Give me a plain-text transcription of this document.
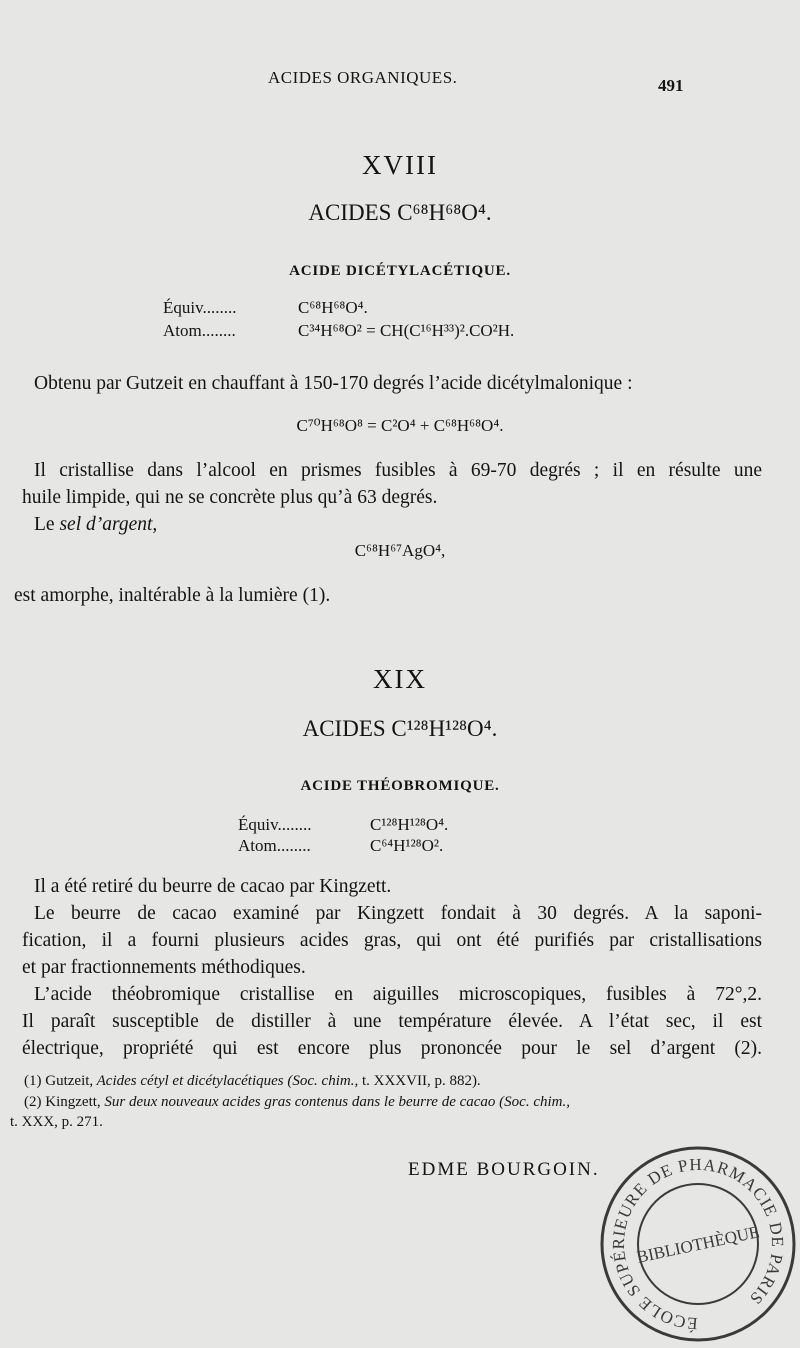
ACIDES ORGANIQUES.	491
XVIII
ACIDES C⁶⁸H⁶⁸O⁴.
ACIDE DICÉTYLACÉTIQUE.
Équiv........	C⁶⁸H⁶⁸O⁴.
Atom........	C³⁴H⁶⁸O² = CH(C¹⁶H³³)².CO²H.
Obtenu par Gutzeit en chauffant à 150-170 degrés l’acide dicétylmalonique :
C⁷⁰H⁶⁸O⁸ = C²O⁴ + C⁶⁸H⁶⁸O⁴.
Il cristallise dans l’alcool en prismes fusibles à 69-70 degrés ; il en résulte une
huile limpide, qui ne se concrète plus qu’à 63 degrés.
Le sel d’argent,
C⁶⁸H⁶⁷AgO⁴,
est amorphe, inaltérable à la lumière (1).
XIX
ACIDES C¹²⁸H¹²⁸O⁴.
ACIDE THÉOBROMIQUE.
Équiv........	C¹²⁸H¹²⁸O⁴.
Atom........	C⁶⁴H¹²⁸O².
Il a été retiré du beurre de cacao par Kingzett.
Le beurre de cacao examiné par Kingzett fondait à 30 degrés. A la saponi-
fication, il a fourni plusieurs acides gras, qui ont été purifiés par cristallisations
et par fractionnements méthodiques.
L’acide théobromique cristallise en aiguilles microscopiques, fusibles à 72°,2.
Il paraît susceptible de distiller à une température élevée. A l’état sec, il est
électrique, propriété qui est encore plus prononcée pour le sel d’argent (2).
(1) Gutzeit, Acides cétyl et dicétylacétiques (Soc. chim., t. XXXVII, p. 882).
(2) Kingzett, Sur deux nouveaux acides gras contenus dans le beurre de cacao (Soc. chim.,
t. XXX, p. 271.
EDME BOURGOIN.
ÉCOLE SUPÉRIEURE DE PHARMACIE DE PARIS
BIBLIOTHÈQUE
